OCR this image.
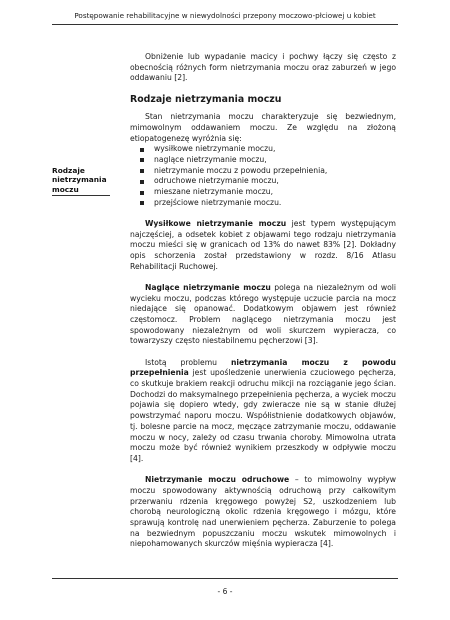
Postępowanie rehabilitacyjne w niewydolności przepony moczowo-płciowej u kobiet
Rodzaje
nietrzymania
moczu

Obniżenie lub wypadanie macicy i pochwy łączy się często z obecnością różnych form nietrzymania moczu oraz zaburzeń w jego oddawaniu [2].

Rodzaje nietrzymania moczu

Stan nietrzymania moczu charakteryzuje się bezwiednym, mimowolnym oddawaniem moczu. Ze względu na złożoną etiopatogenezę wyróżnia się:

wysiłkowe nietrzymanie moczu,
naglące nietrzymanie moczu,
nietrzymanie moczu z powodu przepełnienia,
odruchowe nietrzymanie moczu,
mieszane nietrzymanie moczu,
przejściowe nietrzymanie moczu.

Wysiłkowe nietrzymanie moczu jest typem występującym najczęściej, a odsetek kobiet z objawami tego rodzaju nietrzymania moczu mieści się w granicach od 13% do nawet 83% [2]. Dokładny opis schorzenia został przedstawiony w rozdz. 8/16 Atlasu Rehabilitacji Ruchowej.

Naglące nietrzymanie moczu polega na niezależnym od woli wycieku moczu, podczas którego występuje uczucie parcia na mocz niedające się opanować. Dodatkowym objawem jest również częstomocz. Problem naglącego nietrzymania moczu jest spowodowany niezależnym od woli skurczem wypieracza, co towarzyszy często niestabilnemu pęcherzowi [3].

Istotą problemu nietrzymania moczu z powodu przepełnienia jest upośledzenie unerwienia czuciowego pęcherza, co skutkuje brakiem reakcji odruchu mikcji na rozciąganie jego ścian. Dochodzi do maksymalnego przepełnienia pęcherza, a wyciek moczu pojawia się dopiero wtedy, gdy zwieracze nie są w stanie dłużej powstrzymać naporu moczu. Współistnienie dodatkowych objawów, tj. bolesne parcie na mocz, męczące zatrzymanie moczu, oddawanie moczu w nocy, zależy od czasu trwania choroby. Mimowolna utrata moczu może być również wynikiem przeszkody w odpływie moczu [4].

Nietrzymanie moczu odruchowe – to mimowolny wypływ moczu spowodowany aktywnością odruchową przy całkowitym przerwaniu rdzenia kręgowego powyżej S2, uszkodzeniem lub chorobą neurologiczną okolic rdzenia kręgowego i mózgu, które sprawują kontrolę nad unerwieniem pęcherza. Zaburzenie to polega na bezwiednym popuszczaniu moczu wskutek mimowolnych i niepohamowanych skurczów mięśnia wypieracza [4].

- 6 -
